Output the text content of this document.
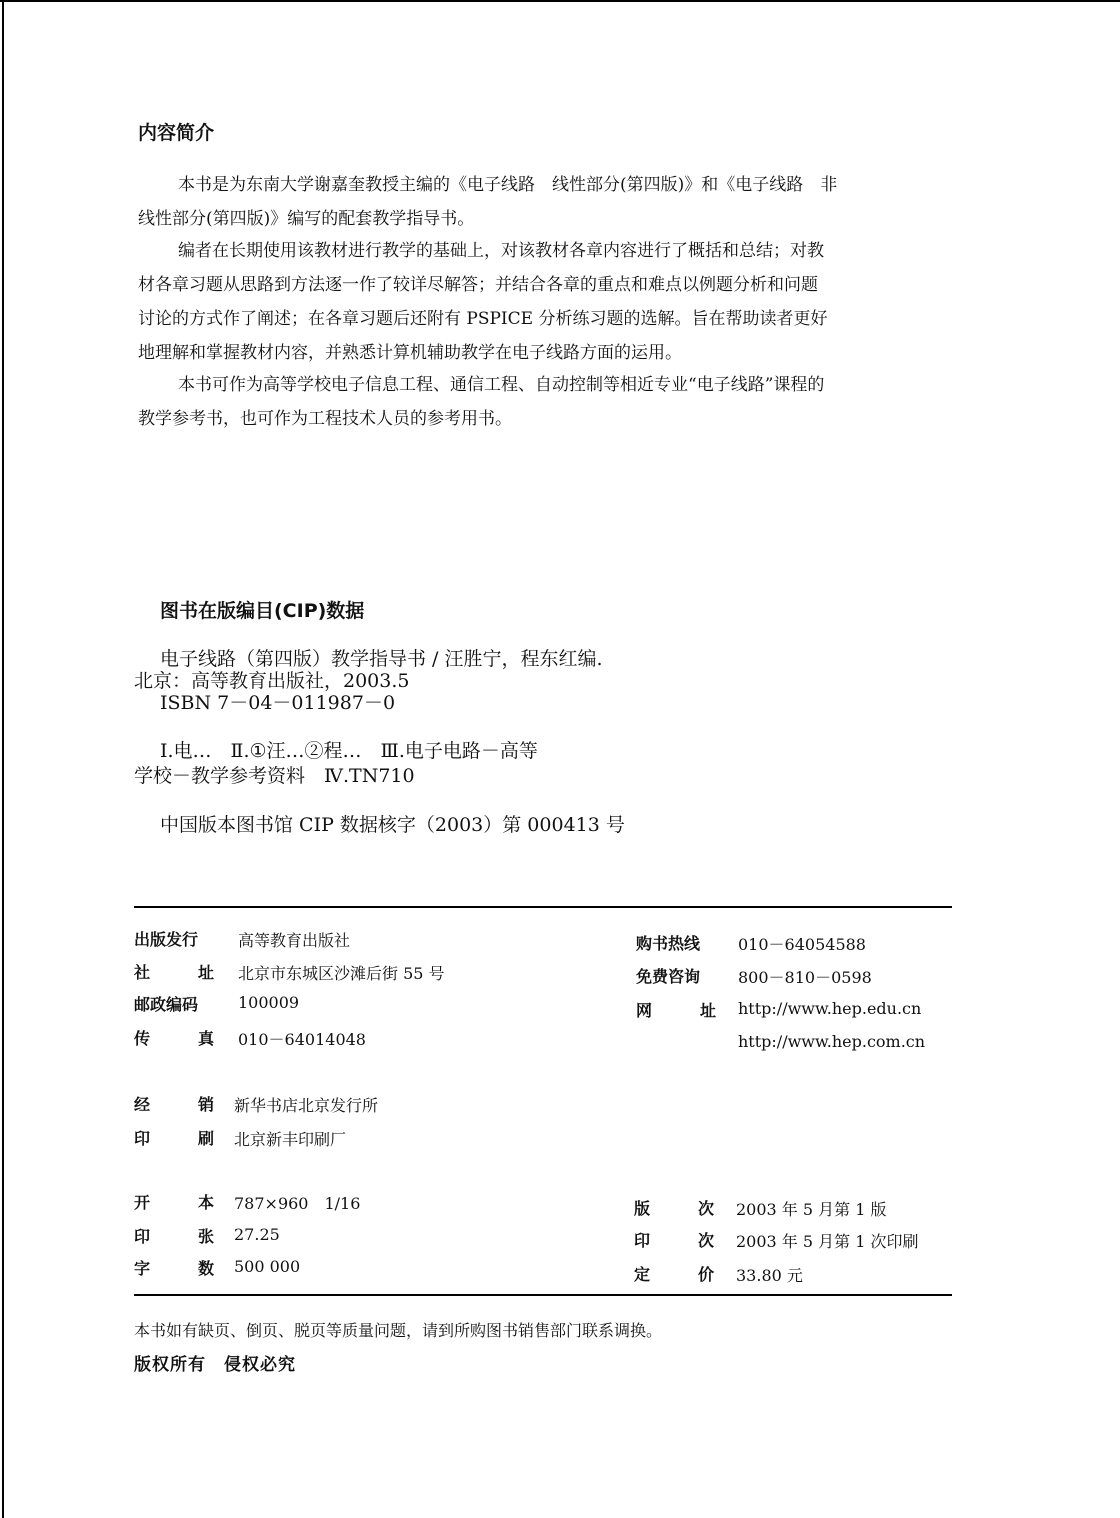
内容简介
本书是为东南大学谢嘉奎教授主编的《电子线路　线性部分(第四版)》和《电子线路　非
线性部分(第四版)》编写的配套教学指导书。
编者在长期使用该教材进行教学的基础上，对该教材各章内容进行了概括和总结；对教
材各章习题从思路到方法逐一作了较详尽解答；并结合各章的重点和难点以例题分析和问题
讨论的方式作了阐述；在各章习题后还附有 PSPICE 分析练习题的选解。旨在帮助读者更好
地理解和掌握教材内容，并熟悉计算机辅助教学在电子线路方面的运用。
本书可作为高等学校电子信息工程、通信工程、自动控制等相近专业“电子线路”课程的
教学参考书，也可作为工程技术人员的参考用书。
图书在版编目(CIP)数据
电子线路（第四版）教学指导书 / 汪胜宁，程东红编.
北京：高等教育出版社，2003.5
ISBN 7－04－011987－0
Ⅰ.电…　Ⅱ.①汪…②程…　Ⅲ.电子电路－高等
学校－教学参考资料　Ⅳ.TN710
中国版本图书馆 CIP 数据核字（2003）第 000413 号
出版发行 高等教育出版社
社	址 北京市东城区沙滩后街 55 号
邮政编码 100009
传	真 010－64014048
购书热线 010－64054588
免费咨询 800－810－0598
网	址 http://www.hep.edu.cn
http://www.hep.com.cn
经	销 新华书店北京发行所
印	刷 北京新丰印刷厂
开	本 787×960　1/16
印	张 27.25
字	数 500 000
版	次 2003 年 5 月第 1 版
印	次 2003 年 5 月第 1 次印刷
定	价 33.80 元
本书如有缺页、倒页、脱页等质量问题，请到所购图书销售部门联系调换。
版权所有　侵权必究
